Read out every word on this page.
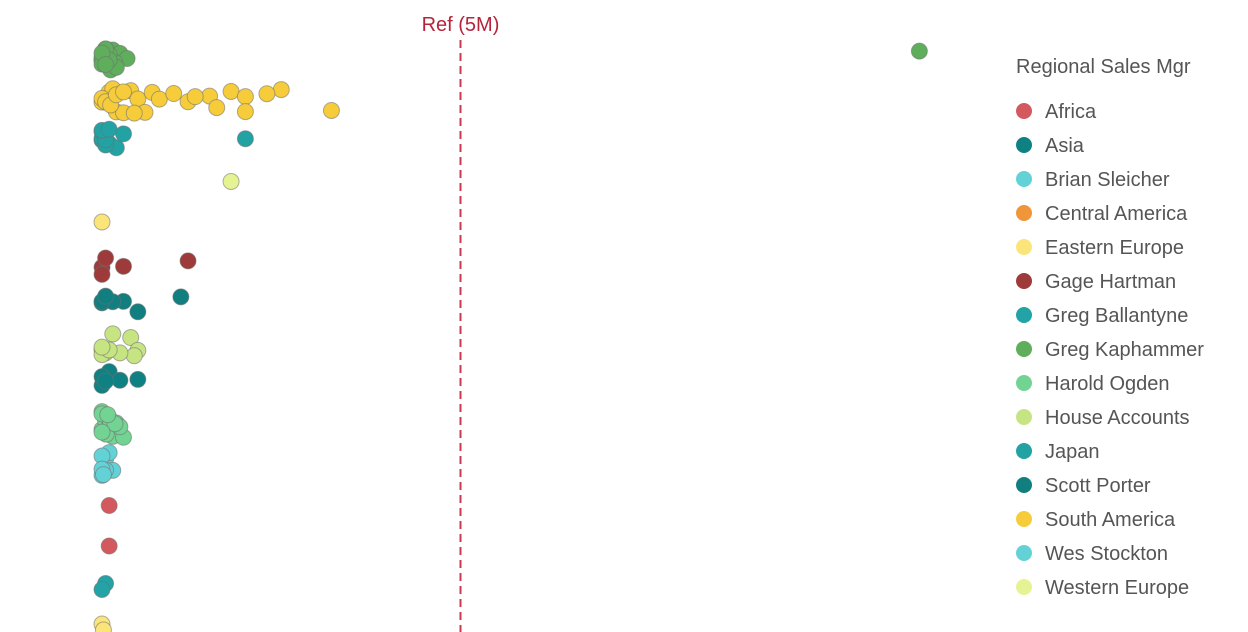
Ref (5M)
Regional Sales Mgr
Africa
Asia
Brian Sleicher
Central America
Eastern Europe
Gage Hartman
Greg Ballantyne
Greg Kaphammer
Harold Ogden
House Accounts
Japan
Scott Porter
South America
Wes Stockton
Western Europe
